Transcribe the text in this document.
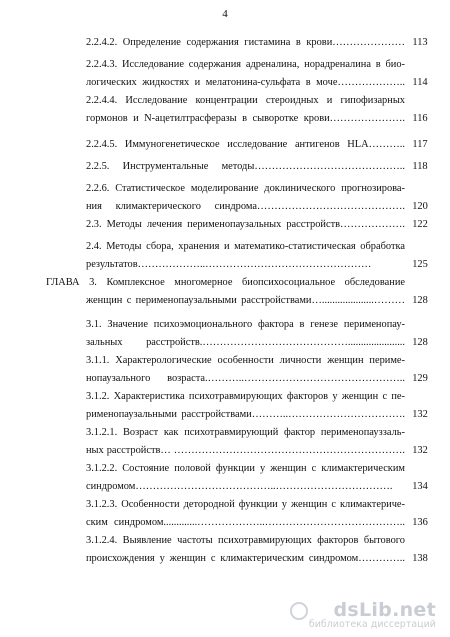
4
2.2.4.2. Определение содержания гистамина в крови………………… 113
2.2.4.3. Исследование содержания адреналина, норадреналина в био-
логических жидкостях и мелатонина-сульфата в моче……………….. 114
2.2.4.4. Исследование концентрации стероидных и гипофизарных
гормонов и N-ацетилтрасферазы в сыворотке крови…………………. 116
2.2.4.5. Иммуногенетическое исследование антигенов HLA……….. 117
2.2.5. Инструментальные методы…………………………………….. 118
2.2.6. Статистическое моделирование доклинического прогнозирова-
ния климактерического синдрома……………………………………. 120
2.3. Методы лечения перименопаузальных расстройств………………. 122
2.4. Методы сбора, хранения и математико-статистическая обработка
результатов………………..…………………………………………	125
ГЛАВА 3. Комплексное многомерное биопсихосоциальное обследование
женщин с перименопаузальными расстройствами…....................……… 128
3.1. Значение психоэмоционального фактора в генезе перименопау-
зальных расстройств.……………………………………...................... 128
3.1.1. Характерологические особенности личности женщин периме-
нопаузального возраста.………..……………………………………….. 129
3.1.2. Характеристика психотравмирующих факторов у женщин с пе-
рименопаузальными расстройствами………..……………………………. 132
3.1.2.1. Возраст как психотравмирующий фактор перименопауззаль-
ных расстройств… …………………………………………………………. 132
3.1.2.2. Состояние половой функции у женщин с климактерическим
синдромом…………………………………..…………………………….	134
3.1.2.3. Особенности детородной функции у женщин с климактериче-
ским синдромом.............………………..………………………………….. 136
3.1.2.4. Выявление частоты психотравмирующих факторов бытового
происхождения у женщин с климактерическим синдромом………….. 138
dsLib.net
библиотека диссертаций
